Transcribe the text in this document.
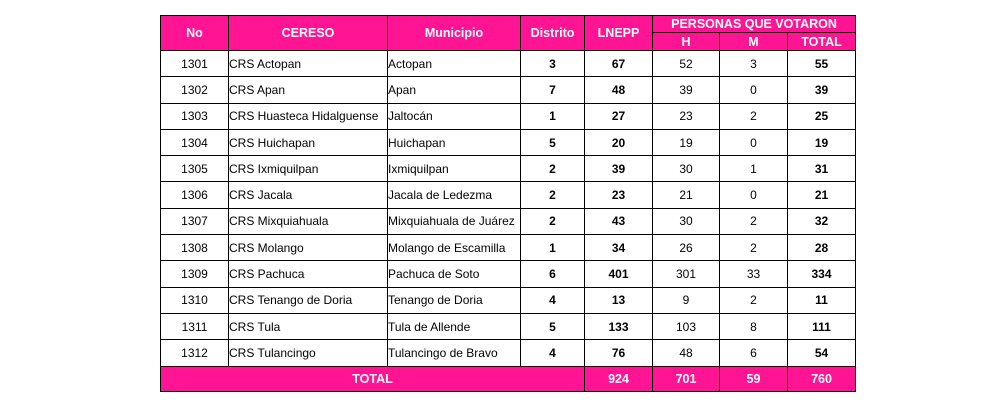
No	CERESO	Municipio	Distrito	LNEPP	PERSONAS QUE VOTARON		
					H	M	TOTAL
1301	CRS Actopan	Actopan	3	67	52	3	55
1302	CRS Apan	Apan	7	48	39	0	39
1303	CRS Huasteca Hidalguense	Jaltocán	1	27	23	2	25
1304	CRS Huichapan	Huichapan	5	20	19	0	19
1305	CRS Ixmiquilpan	Ixmiquilpan	2	39	30	1	31
1306	CRS Jacala	Jacala de Ledezma	2	23	21	0	21
1307	CRS Mixquiahuala	Mixquiahuala de Juárez	2	43	30	2	32
1308	CRS Molango	Molango de Escamilla	1	34	26	2	28
1309	CRS Pachuca	Pachuca de Soto	6	401	301	33	334
1310	CRS Tenango de Doria	Tenango de Doria	4	13	9	2	11
1311	CRS Tula	Tula de Allende	5	133	103	8	111
1312	CRS Tulancingo	Tulancingo de Bravo	4	76	48	6	54
TOTAL				924	701	59	760
